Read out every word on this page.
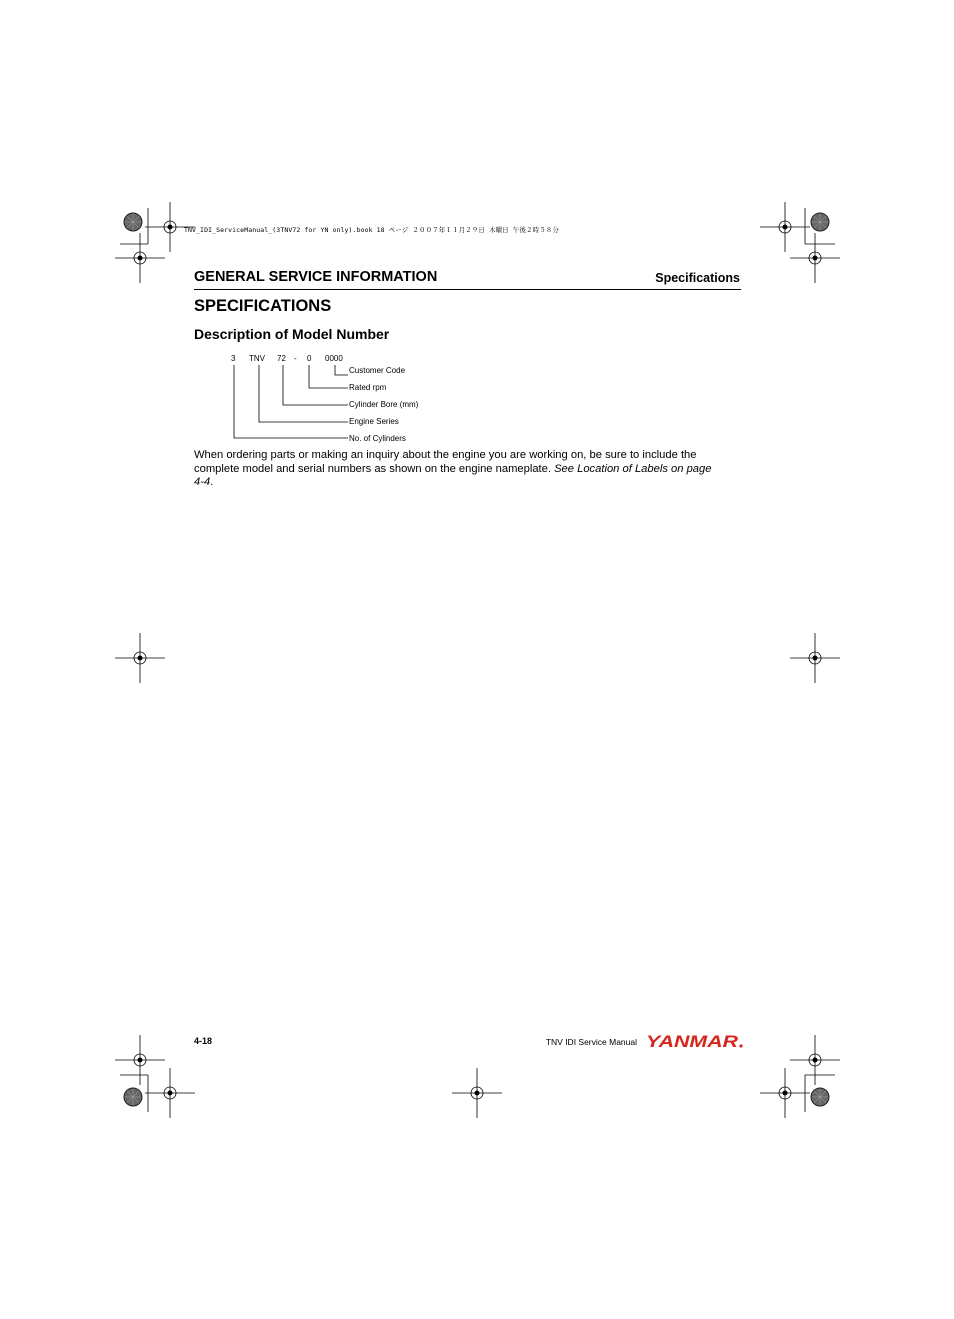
TNV_IDI_ServiceManual_(3TNV72 for YN only).book 18 ページ ２００７年１１月２９日 木曜日 午後２時５８分
GENERAL SERVICE INFORMATION	Specifications
SPECIFICATIONS
Description of Model Number
3 TNV 72 - 0 0000
Customer Code
Rated rpm
Cylinder Bore (mm)
Engine Series
No. of Cylinders
When ordering parts or making an inquiry about the engine you are working on, be sure to include the complete model and serial numbers as shown on the engine nameplate. See Location of Labels on page 4-4.
4-18	TNV IDI Service Manual YANMAR
